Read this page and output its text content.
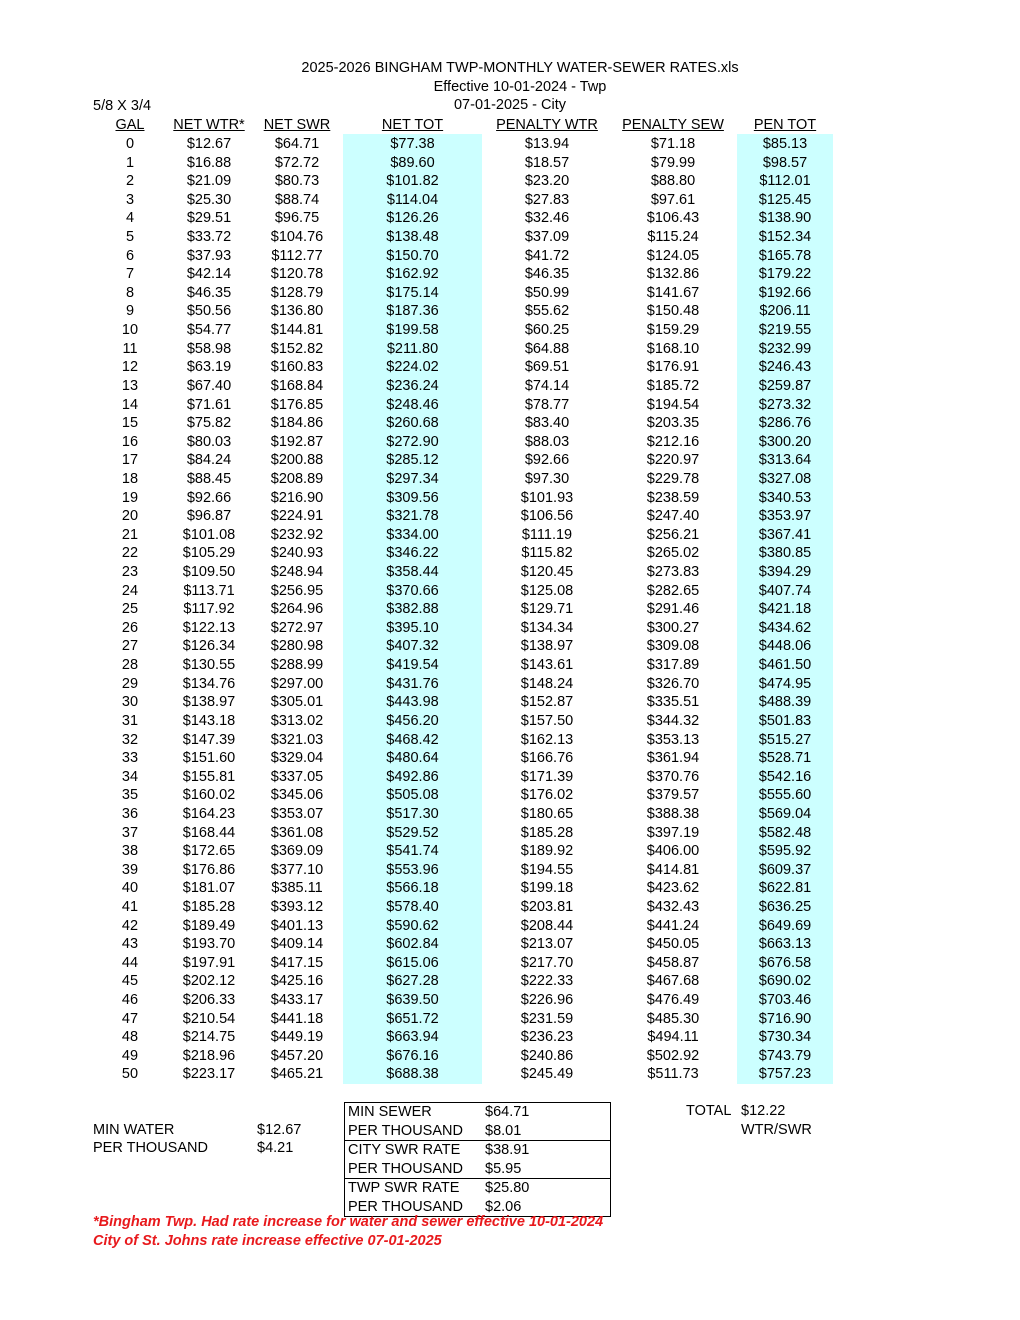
2025-2026 BINGHAM TWP-MONTHLY WATER-SEWER RATES.xls
Effective 10-01-2024 - Twp
07-01-2025 - City
5/8 X 3/4
GAL	NET WTR*	NET SWR	NET TOT	PENALTY WTR	PENALTY SEW	PEN TOT
0	$12.67	$64.71	$77.38	$13.94	$71.18	$85.13
1	$16.88	$72.72	$89.60	$18.57	$79.99	$98.57
2	$21.09	$80.73	$101.82	$23.20	$88.80	$112.01
3	$25.30	$88.74	$114.04	$27.83	$97.61	$125.45
4	$29.51	$96.75	$126.26	$32.46	$106.43	$138.90
5	$33.72	$104.76	$138.48	$37.09	$115.24	$152.34
6	$37.93	$112.77	$150.70	$41.72	$124.05	$165.78
7	$42.14	$120.78	$162.92	$46.35	$132.86	$179.22
8	$46.35	$128.79	$175.14	$50.99	$141.67	$192.66
9	$50.56	$136.80	$187.36	$55.62	$150.48	$206.11
10	$54.77	$144.81	$199.58	$60.25	$159.29	$219.55
11	$58.98	$152.82	$211.80	$64.88	$168.10	$232.99
12	$63.19	$160.83	$224.02	$69.51	$176.91	$246.43
13	$67.40	$168.84	$236.24	$74.14	$185.72	$259.87
14	$71.61	$176.85	$248.46	$78.77	$194.54	$273.32
15	$75.82	$184.86	$260.68	$83.40	$203.35	$286.76
16	$80.03	$192.87	$272.90	$88.03	$212.16	$300.20
17	$84.24	$200.88	$285.12	$92.66	$220.97	$313.64
18	$88.45	$208.89	$297.34	$97.30	$229.78	$327.08
19	$92.66	$216.90	$309.56	$101.93	$238.59	$340.53
20	$96.87	$224.91	$321.78	$106.56	$247.40	$353.97
21	$101.08	$232.92	$334.00	$111.19	$256.21	$367.41
22	$105.29	$240.93	$346.22	$115.82	$265.02	$380.85
23	$109.50	$248.94	$358.44	$120.45	$273.83	$394.29
24	$113.71	$256.95	$370.66	$125.08	$282.65	$407.74
25	$117.92	$264.96	$382.88	$129.71	$291.46	$421.18
26	$122.13	$272.97	$395.10	$134.34	$300.27	$434.62
27	$126.34	$280.98	$407.32	$138.97	$309.08	$448.06
28	$130.55	$288.99	$419.54	$143.61	$317.89	$461.50
29	$134.76	$297.00	$431.76	$148.24	$326.70	$474.95
30	$138.97	$305.01	$443.98	$152.87	$335.51	$488.39
31	$143.18	$313.02	$456.20	$157.50	$344.32	$501.83
32	$147.39	$321.03	$468.42	$162.13	$353.13	$515.27
33	$151.60	$329.04	$480.64	$166.76	$361.94	$528.71
34	$155.81	$337.05	$492.86	$171.39	$370.76	$542.16
35	$160.02	$345.06	$505.08	$176.02	$379.57	$555.60
36	$164.23	$353.07	$517.30	$180.65	$388.38	$569.04
37	$168.44	$361.08	$529.52	$185.28	$397.19	$582.48
38	$172.65	$369.09	$541.74	$189.92	$406.00	$595.92
39	$176.86	$377.10	$553.96	$194.55	$414.81	$609.37
40	$181.07	$385.11	$566.18	$199.18	$423.62	$622.81
41	$185.28	$393.12	$578.40	$203.81	$432.43	$636.25
42	$189.49	$401.13	$590.62	$208.44	$441.24	$649.69
43	$193.70	$409.14	$602.84	$213.07	$450.05	$663.13
44	$197.91	$417.15	$615.06	$217.70	$458.87	$676.58
45	$202.12	$425.16	$627.28	$222.33	$467.68	$690.02
46	$206.33	$433.17	$639.50	$226.96	$476.49	$703.46
47	$210.54	$441.18	$651.72	$231.59	$485.30	$716.90
48	$214.75	$449.19	$663.94	$236.23	$494.11	$730.34
49	$218.96	$457.20	$676.16	$240.86	$502.92	$743.79
50	$223.17	$465.21	$688.38	$245.49	$511.73	$757.23
MIN WATER	$12.67
PER THOUSAND	$4.21
MIN SEWER	$64.71
PER THOUSAND $8.01
CITY SWR RATE $38.91
PER THOUSAND $5.95
TWP SWR RATE $25.80
PER THOUSAND $2.06
TOTAL $12.22
WTR/SWR
*Bingham Twp. Had rate increase for water and sewer effective 10-01-2024
City of St. Johns rate increase effective 07-01-2025
